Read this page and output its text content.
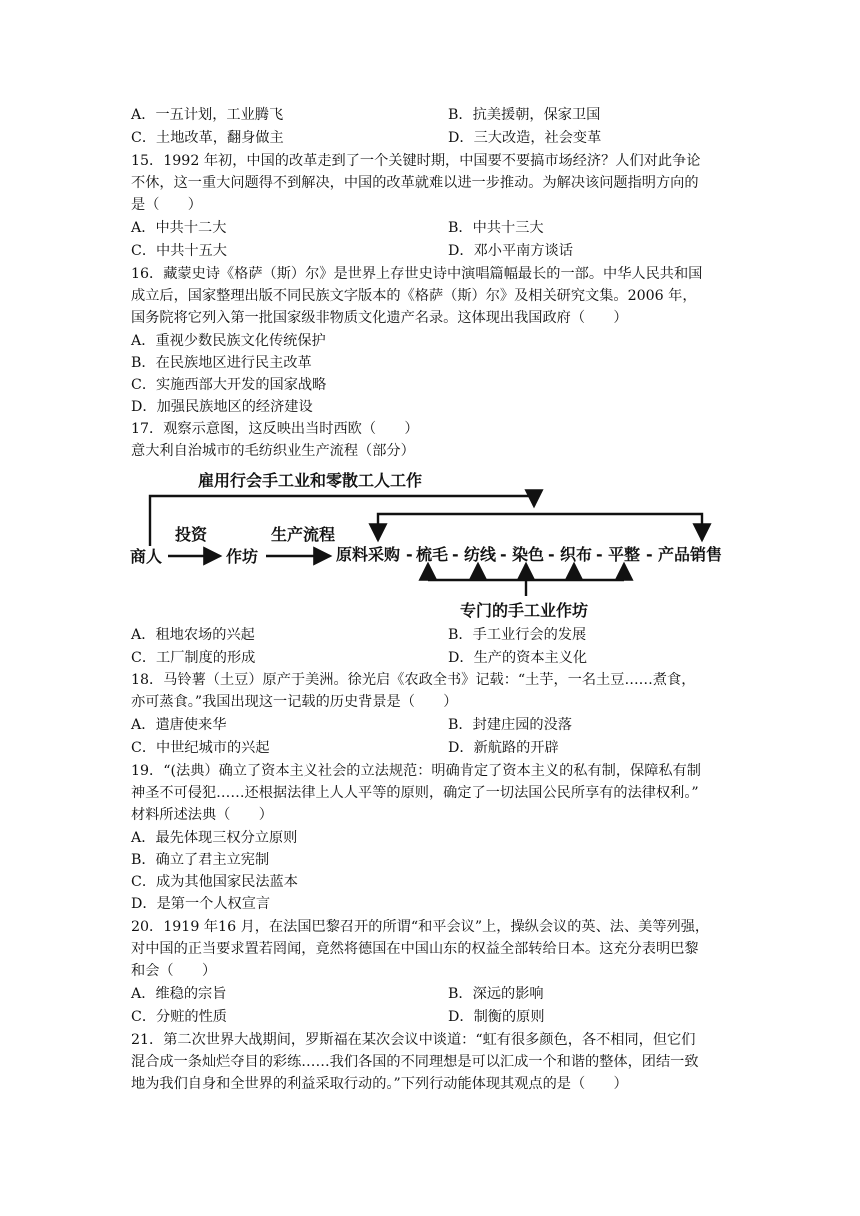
A．一五计划，工业腾飞	B．抗美援朝，保家卫国
C．土地改革，翻身做主	D．三大改造，社会变革
15．1992 年初，中国的改革走到了一个关键时期，中国要不要搞市场经济？人们对此争论
不休，这一重大问题得不到解决，中国的改革就难以进一步推动。为解决该问题指明方向的
是（　　）
A．中共十二大	B．中共十三大
C．中共十五大	D．邓小平南方谈话
16．藏蒙史诗《格萨（斯）尔》是世界上存世史诗中演唱篇幅最长的一部。中华人民共和国
成立后，国家整理出版不同民族文字版本的《格萨（斯）尔》及相关研究文集。2006 年，
国务院将它列入第一批国家级非物质文化遗产名录。这体现出我国政府（　　）
A．重视少数民族文化传统保护
B．在民族地区进行民主改革
C．实施西部大开发的国家战略
D．加强民族地区的经济建设
17．观察示意图，这反映出当时西欧（　　）
意大利自治城市的毛纺织业生产流程（部分）
雇用行会手工业和零散工人工作
投资	生产流程
商人	作坊	原料采购 - 梳毛 - 纺线 - 染色 - 织布 - 平整 - 产品销售
专门的手工业作坊
A．租地农场的兴起	B．手工业行会的发展
C．工厂制度的形成	D．生产的资本主义化
18．马铃薯（土豆）原产于美洲。徐光启《农政全书》记载：“土芋，一名土豆……煮食，
亦可蒸食。”我国出现这一记载的历史背景是（　　）
A．遣唐使来华	B．封建庄园的没落
C．中世纪城市的兴起	D．新航路的开辟
19．“(法典）确立了资本主义社会的立法规范：明确肯定了资本主义的私有制，保障私有制
神圣不可侵犯……还根据法律上人人平等的原则，确定了一切法国公民所享有的法律权利。”
材料所述法典（　　）
A．最先体现三权分立原则
B．确立了君主立宪制
C．成为其他国家民法蓝本
D．是第一个人权宣言
20．1919 年16 月，在法国巴黎召开的所谓“和平会议”上，操纵会议的英、法、美等列强，
对中国的正当要求置若罔闻，竟然将德国在中国山东的权益全部转给日本。这充分表明巴黎
和会（　　）
A．维稳的宗旨	B．深远的影响
C．分赃的性质	D．制衡的原则
21．第二次世界大战期间，罗斯福在某次会议中谈道：“虹有很多颜色，各不相同，但它们
混合成一条灿烂夺目的彩练……我们各国的不同理想是可以汇成一个和谐的整体，团结一致
地为我们自身和全世界的利益采取行动的。”下列行动能体现其观点的是（　　）
